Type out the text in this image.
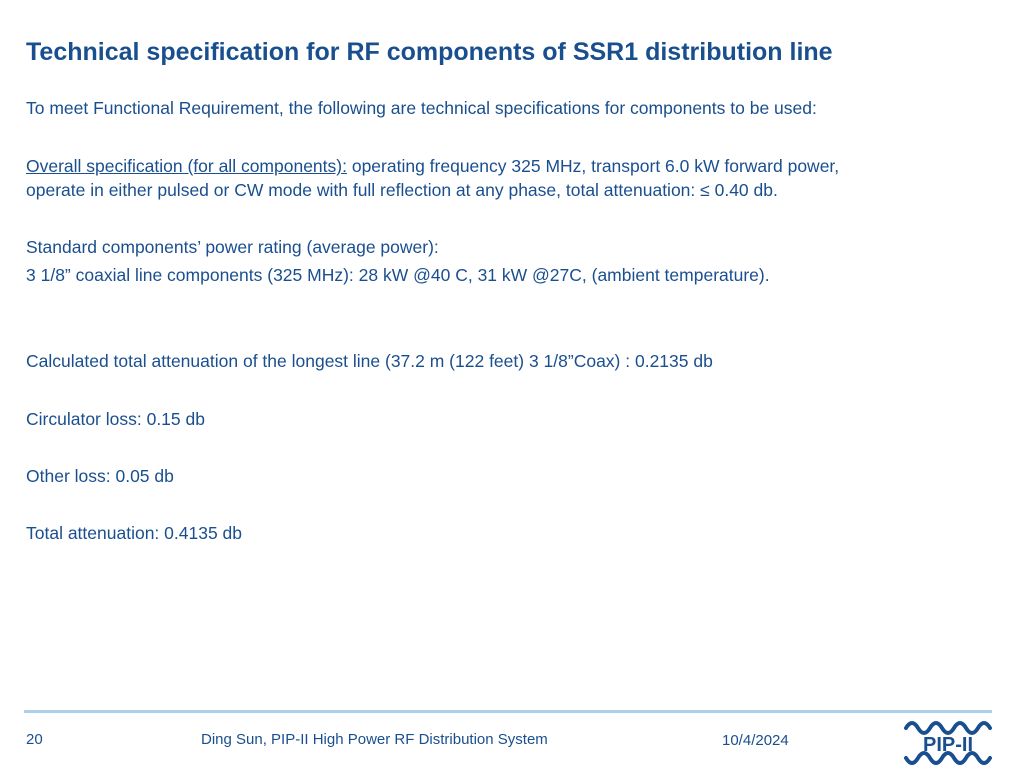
Technical specification for RF components of SSR1 distribution line
To meet Functional Requirement, the following are technical specifications for components to be used:
Overall specification (for all components): operating frequency 325 MHz, transport 6.0 kW forward power,
operate in either pulsed or CW mode with full reflection at any phase, total attenuation: ≤ 0.40 db.
Standard components’ power rating (average power):
3 1/8” coaxial line components (325 MHz): 28 kW @40 C, 31 kW @27C, (ambient temperature).
Calculated total attenuation of the longest line (37.2 m (122 feet) 3 1/8”Coax) : 0.2135 db
Circulator loss: 0.15 db
Other loss: 0.05 db
Total attenuation: 0.4135 db
20	Ding Sun, PIP-II High Power RF Distribution System	10/4/2024	PIP-II
